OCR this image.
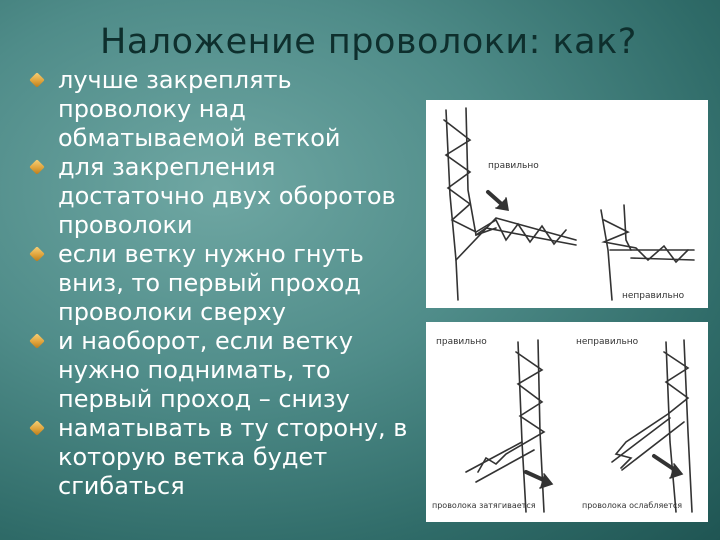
Наложение проволоки: как?
лучше закреплять проволоку над обматываемой веткой
для закрепления достаточно двух оборотов проволоки
если ветку нужно гнуть вниз, то первый проход проволоки сверху
и наоборот, если ветку нужно поднимать, то первый проход – снизу
наматывать в ту сторону, в которую ветка будет сгибаться
правильно
неправильно
правильно	неправильно
проволока затягивается	проволока ослабляется
